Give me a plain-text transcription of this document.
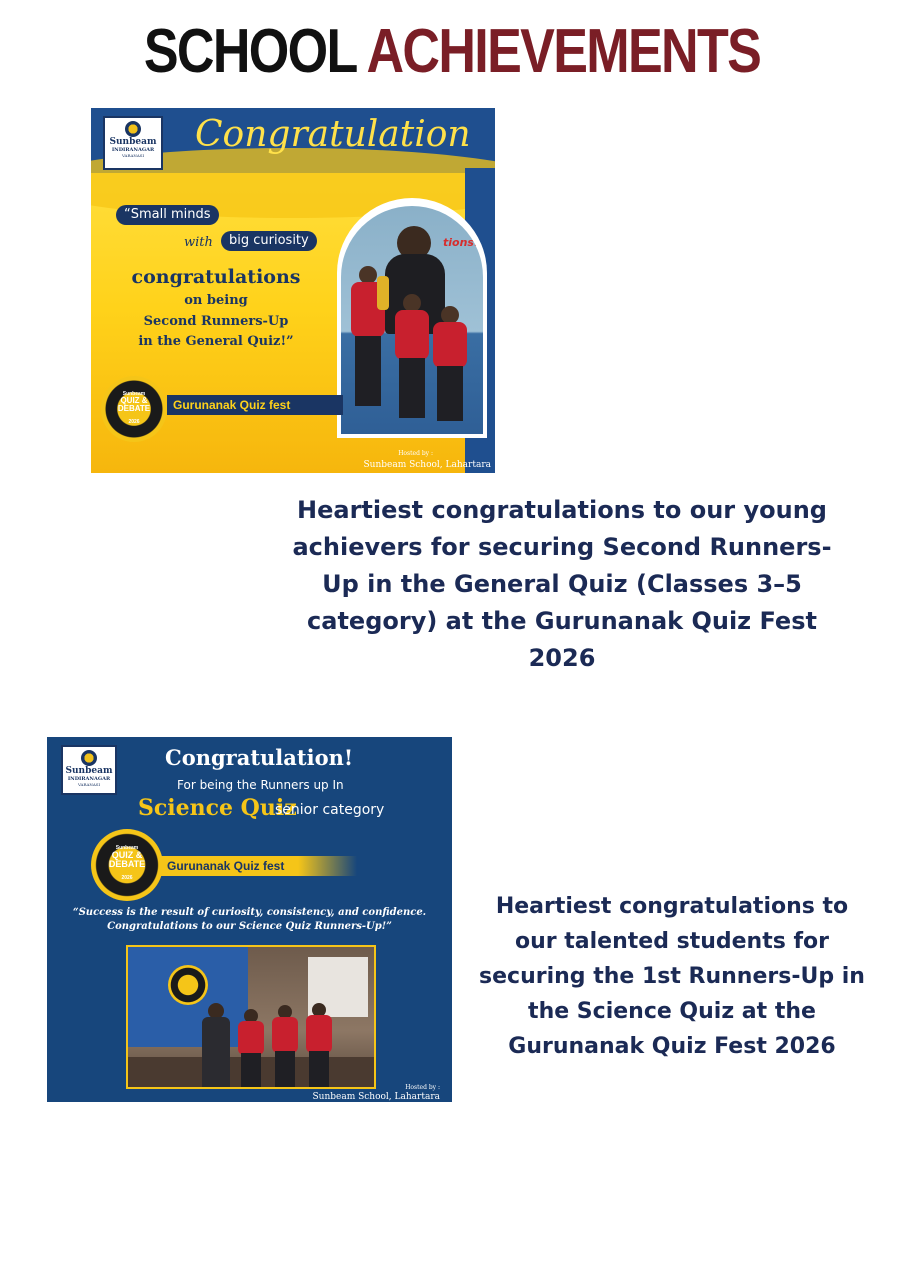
SCHOOL ACHIEVEMENTS
Sunbeam
INDIRANAGAR
VARANASI
Congratulation
“Small minds
with	big curiosity
congratulations
on being
Second Runners-Up
in the General Quiz!”
tions!
Sunbeam
QUIZ &
DEBATE
festival
2026
Gurunanak Quiz fest
Hosted by :
Sunbeam School, Lahartara
Heartiest congratulations to our young achievers for securing Second Runners-Up in the General Quiz (Classes 3–5 category) at the Gurunanak Quiz Fest 2026
Sunbeam
INDIRANAGAR
VARANASI
Congratulation!
For being the Runners up In
Science Quiz
senior category
Sunbeam
QUIZ &
DEBATE
festival
2026
Gurunanak Quiz fest
“Success is the result of curiosity, consistency, and confidence.
Congratulations to our Science Quiz Runners-Up!”
Hosted by :
Sunbeam School, Lahartara
Heartiest congratulations to our talented students for securing the 1st Runners-Up in the Science Quiz at the Gurunanak Quiz Fest 2026
